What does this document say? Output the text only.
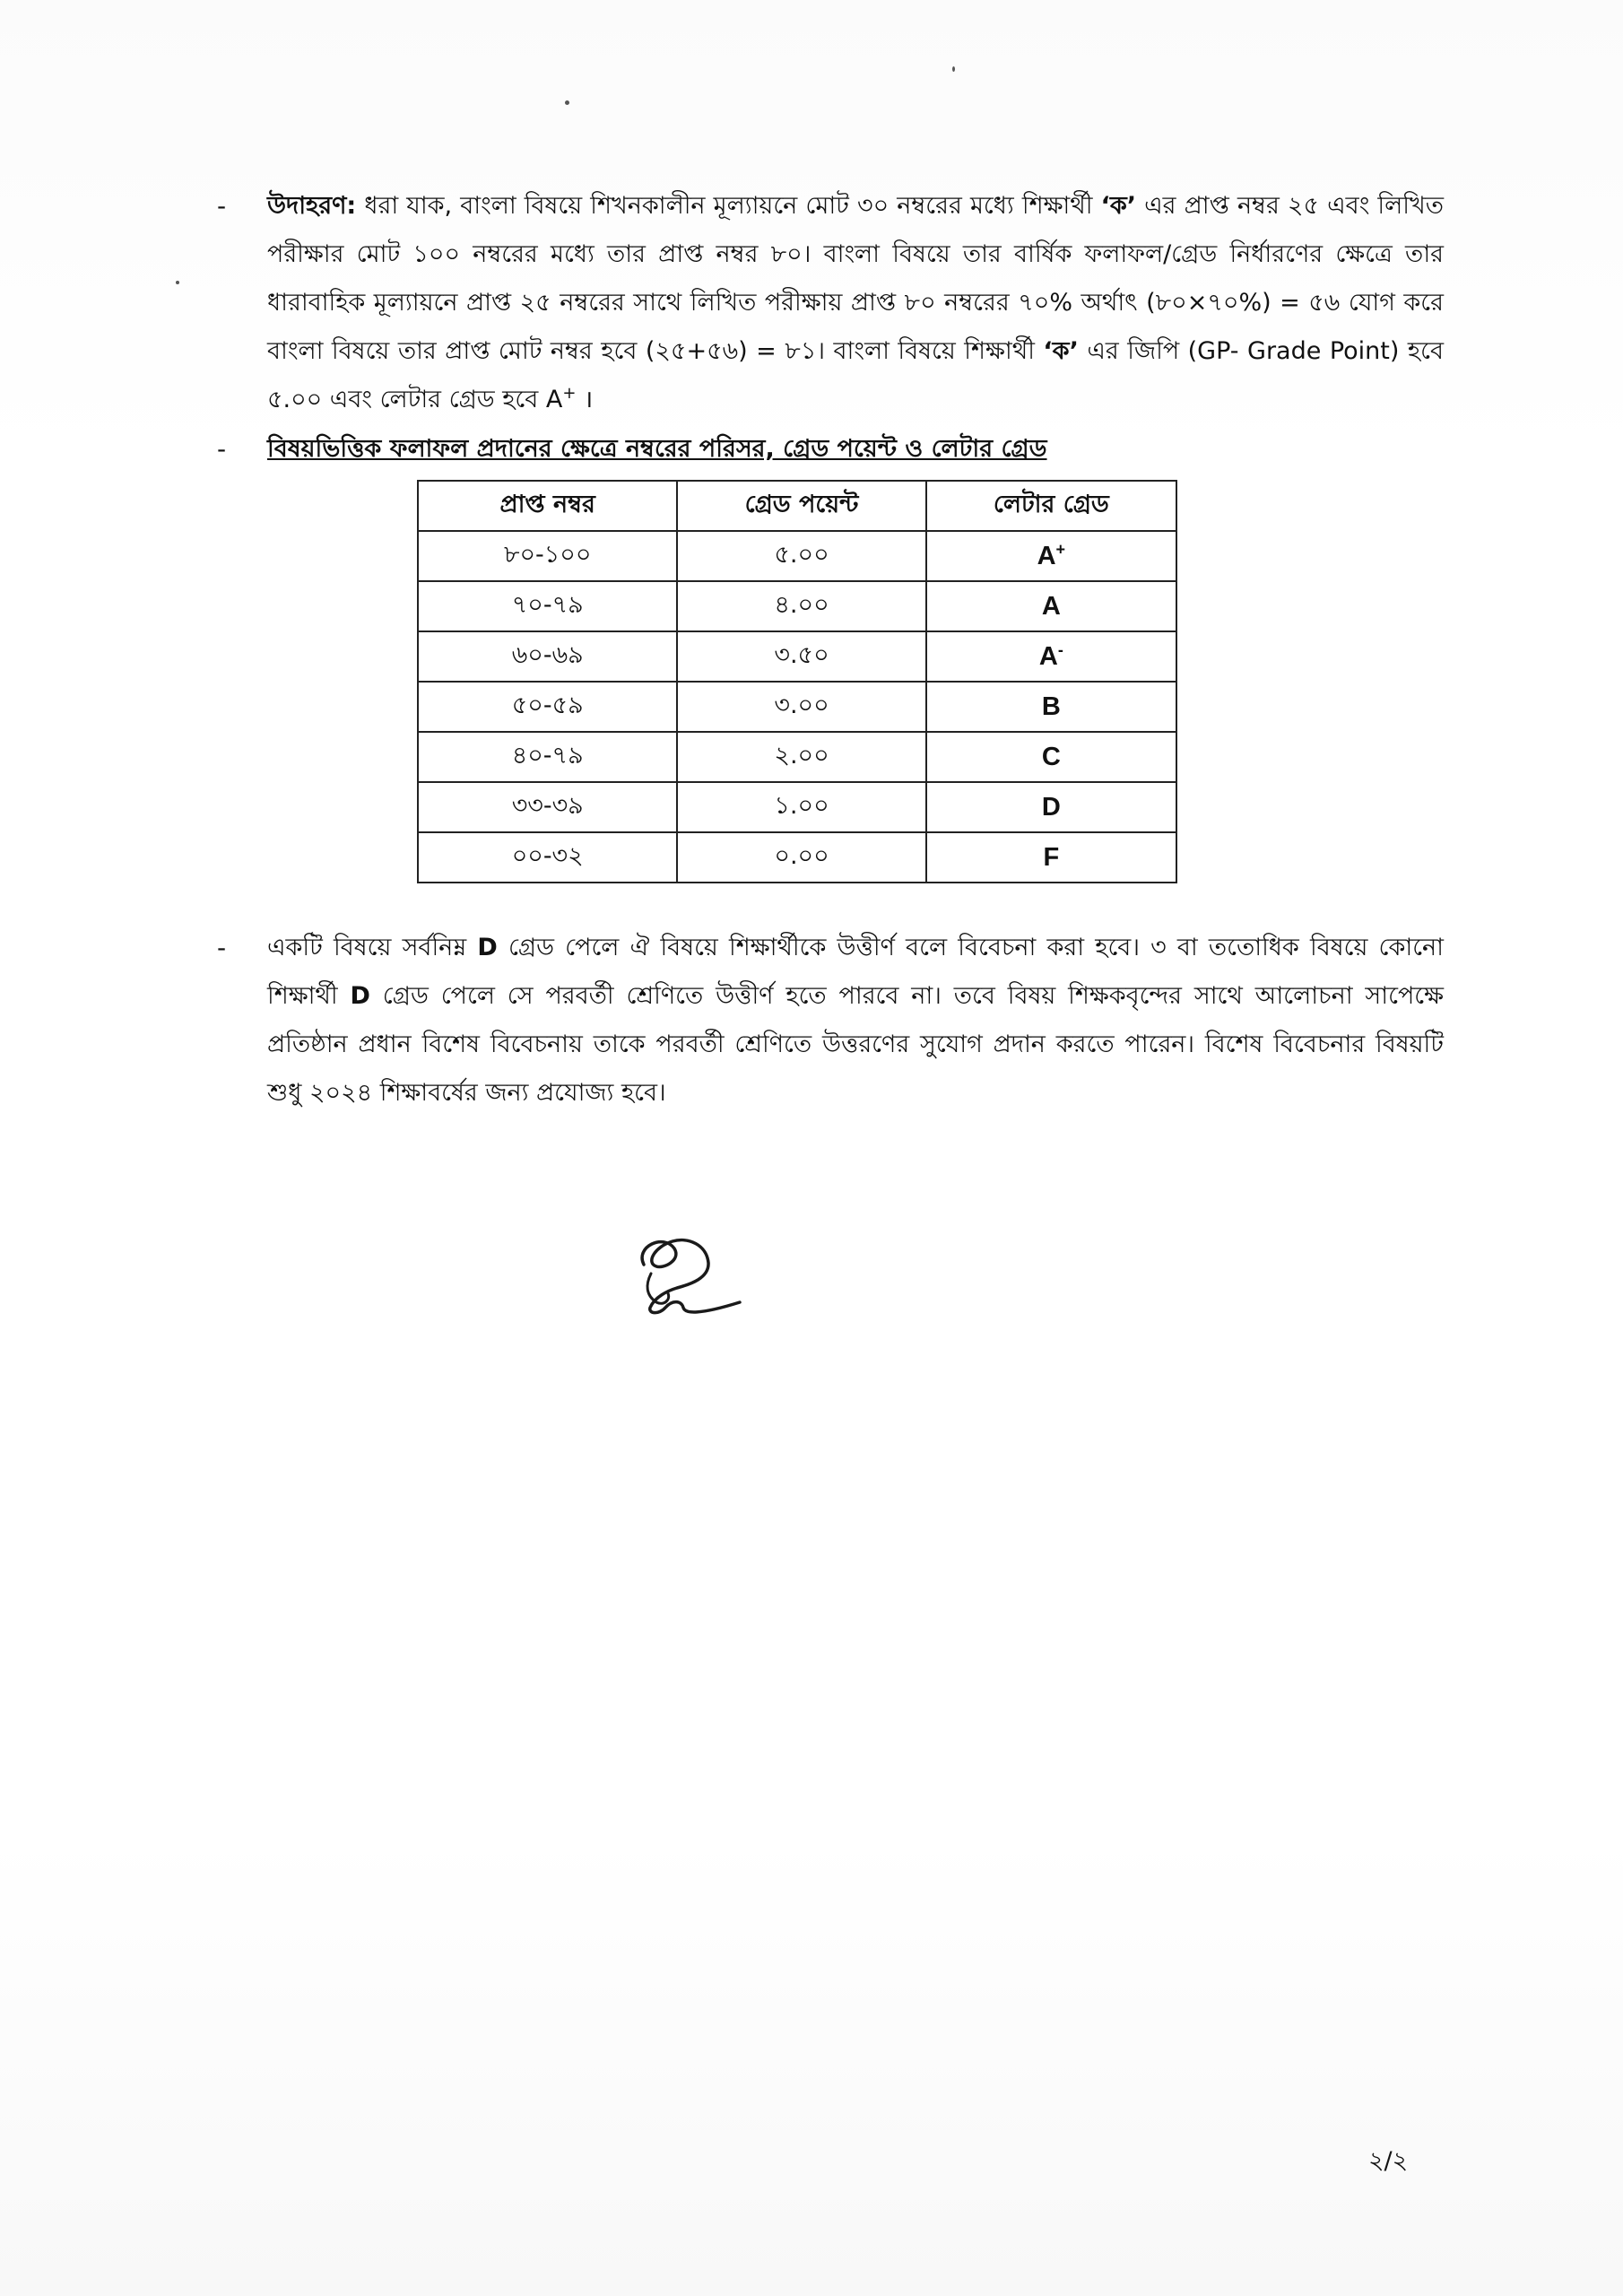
- উদাহরণ: ধরা যাক, বাংলা বিষয়ে শিখনকালীন মূল্যায়নে মোট ৩০ নম্বরের মধ্যে শিক্ষার্থী ‘ক’ এর প্রাপ্ত নম্বর ২৫ এবং লিখিত পরীক্ষার মোট ১০০ নম্বরের মধ্যে তার প্রাপ্ত নম্বর ৮০। বাংলা বিষয়ে তার বার্ষিক ফলাফল/গ্রেড নির্ধারণের ক্ষেত্রে তার ধারাবাহিক মূল্যায়নে প্রাপ্ত ২৫ নম্বরের সাথে লিখিত পরীক্ষায় প্রাপ্ত ৮০ নম্বরের ৭০% অর্থাৎ (৮০×৭০%) = ৫৬ যোগ করে বাংলা বিষয়ে তার প্রাপ্ত মোট নম্বর হবে (২৫+৫৬) = ৮১। বাংলা বিষয়ে শিক্ষার্থী ‘ক’ এর জিপি (GP- Grade Point) হবে ৫.০০ এবং লেটার গ্রেড হবে A+ ।
- বিষয়ভিত্তিক ফলাফল প্রদানের ক্ষেত্রে নম্বরের পরিসর, গ্রেড পয়েন্ট ও লেটার গ্রেড
প্রাপ্ত নম্বর	গ্রেড পয়েন্ট	লেটার গ্রেড
৮০-১০০	৫.০০	A+
৭০-৭৯	৪.০০	A
৬০-৬৯	৩.৫০	A-
৫০-৫৯	৩.০০	B
৪০-৭৯	২.০০	C
৩৩-৩৯	১.০০	D
০০-৩২	০.০০	F
- একটি বিষয়ে সর্বনিম্ন D গ্রেড পেলে ঐ বিষয়ে শিক্ষার্থীকে উত্তীর্ণ বলে বিবেচনা করা হবে। ৩ বা ততোধিক বিষয়ে কোনো শিক্ষার্থী D গ্রেড পেলে সে পরবর্তী শ্রেণিতে উত্তীর্ণ হতে পারবে না। তবে বিষয় শিক্ষকবৃন্দের সাথে আলোচনা সাপেক্ষে প্রতিষ্ঠান প্রধান বিশেষ বিবেচনায় তাকে পরবর্তী শ্রেণিতে উত্তরণের সুযোগ প্রদান করতে পারেন। বিশেষ বিবেচনার বিষয়টি শুধু ২০২৪ শিক্ষাবর্ষের জন্য প্রযোজ্য হবে।
২/২
